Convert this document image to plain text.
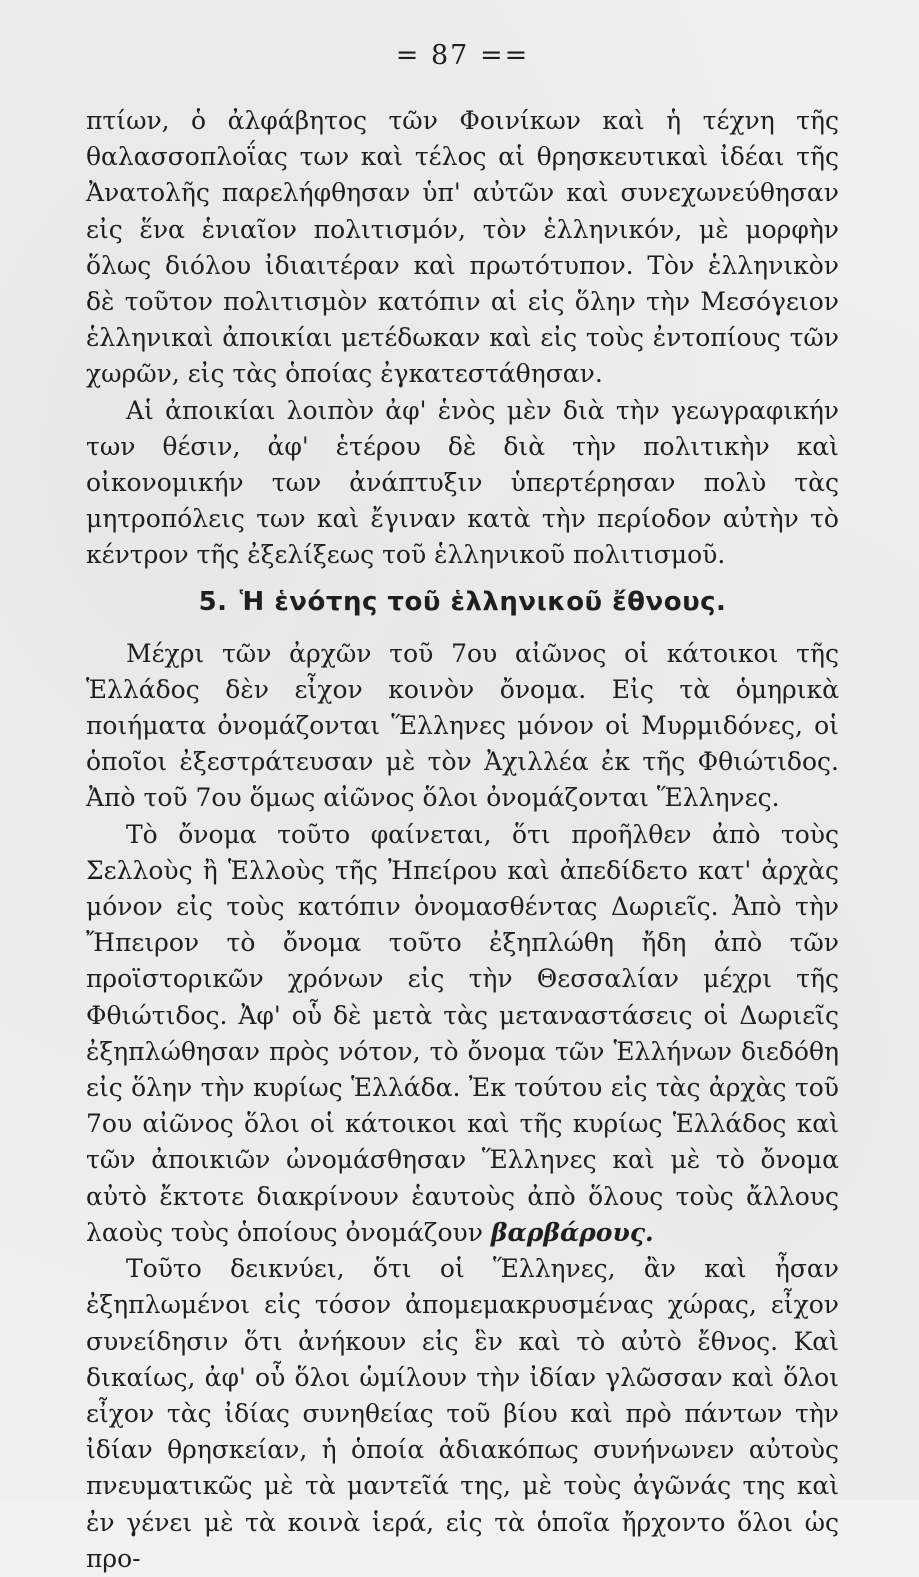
= 87 ==

πτίων, ὁ ἀλφάβητος τῶν Φοινίκων καὶ ἡ τέχνη τῆς θαλασσοπλοΐας των καὶ τέλος αἱ θρησκευτικαὶ ἰδέαι τῆς Ἀνατολῆς παρελήφθησαν ὑπ' αὐτῶν καὶ συνεχωνεύθησαν εἰς ἕνα ἑνιαῖον πολιτισμόν, τὸν ἑλληνικόν, μὲ μορφὴν ὅλως διόλου ἰδιαιτέραν καὶ πρωτότυπον. Τὸν ἑλληνικὸν δὲ τοῦτον πολιτισμὸν κατόπιν αἱ εἰς ὅλην τὴν Μεσόγειον ἑλληνικαὶ ἀποικίαι μετέδωκαν καὶ εἰς τοὺς ἐντοπίους τῶν χωρῶν, εἰς τὰς ὁποίας ἐγκατεστάθησαν.

Αἱ ἀποικίαι λοιπὸν ἀφ' ἑνὸς μὲν διὰ τὴν γεωγραφικήν των θέσιν, ἀφ' ἑτέρου δὲ διὰ τὴν πολιτικὴν καὶ οἰκονομικήν των ἀνάπτυξιν ὑπερτέρησαν πολὺ τὰς μητροπόλεις των καὶ ἔγιναν κατὰ τὴν περίοδον αὐτὴν τὸ κέντρον τῆς ἐξελίξεως τοῦ ἑλληνικοῦ πολιτισμοῦ.

5. Ἡ ἑνότης τοῦ ἑλληνικοῦ ἔθνους.

Μέχρι τῶν ἀρχῶν τοῦ 7ου αἰῶνος οἱ κάτοικοι τῆς Ἑλλάδος δὲν εἶχον κοινὸν ὄνομα. Εἰς τὰ ὁμηρικὰ ποιήματα ὀνομάζονται Ἕλληνες μόνον οἱ Μυρμιδόνες, οἱ ὁποῖοι ἐξεστράτευσαν μὲ τὸν Ἀχιλλέα ἐκ τῆς Φθιώτιδος. Ἀπὸ τοῦ 7ου ὅμως αἰῶνος ὅλοι ὀνομάζονται Ἕλληνες.

Τὸ ὄνομα τοῦτο φαίνεται, ὅτι προῆλθεν ἀπὸ τοὺς Σελλοὺς ἢ Ἑλλοὺς τῆς Ἠπείρου καὶ ἀπεδίδετο κατ' ἀρχὰς μόνον εἰς τοὺς κατόπιν ὀνομασθέντας Δωριεῖς. Ἀπὸ τὴν Ἤπειρον τὸ ὄνομα τοῦτο ἐξηπλώθη ἤδη ἀπὸ τῶν προϊστορικῶν χρόνων εἰς τὴν Θεσσαλίαν μέχρι τῆς Φθιώτιδος. Ἀφ' οὗ δὲ μετὰ τὰς μεταναστάσεις οἱ Δωριεῖς ἐξηπλώθησαν πρὸς νότον, τὸ ὄνομα τῶν Ἑλλήνων διεδόθη εἰς ὅλην τὴν κυρίως Ἑλλάδα. Ἐκ τούτου εἰς τὰς ἀρχὰς τοῦ 7ου αἰῶνος ὅλοι οἱ κάτοικοι καὶ τῆς κυρίως Ἑλλάδος καὶ τῶν ἀποικιῶν ὠνομάσθησαν Ἕλληνες καὶ μὲ τὸ ὄνομα αὐτὸ ἔκτοτε διακρίνουν ἑαυτοὺς ἀπὸ ὅλους τοὺς ἄλλους λαοὺς τοὺς ὁποίους ὀνομάζουν βαρβάρους.

Τοῦτο δεικνύει, ὅτι οἱ Ἕλληνες, ἂν καὶ ἦσαν ἐξηπλωμένοι εἰς τόσον ἀπομεμακρυσμένας χώρας, εἶχον συνείδησιν ὅτι ἀνήκουν εἰς ἓν καὶ τὸ αὐτὸ ἔθνος. Καὶ δικαίως, ἀφ' οὗ ὅλοι ὡμίλουν τὴν ἰδίαν γλῶσσαν καὶ ὅλοι εἶχον τὰς ἰδίας συνηθείας τοῦ βίου καὶ πρὸ πάντων τὴν ἰδίαν θρησκείαν, ἡ ὁποία ἀδιακόπως συνήνωνεν αὐτοὺς πνευματικῶς μὲ τὰ μαντεῖά της, μὲ τοὺς ἀγῶνάς της καὶ ἐν γένει μὲ τὰ κοινὰ ἱερά, εἰς τὰ ὁποῖα ἤρχοντο ὅλοι ὡς προ-
